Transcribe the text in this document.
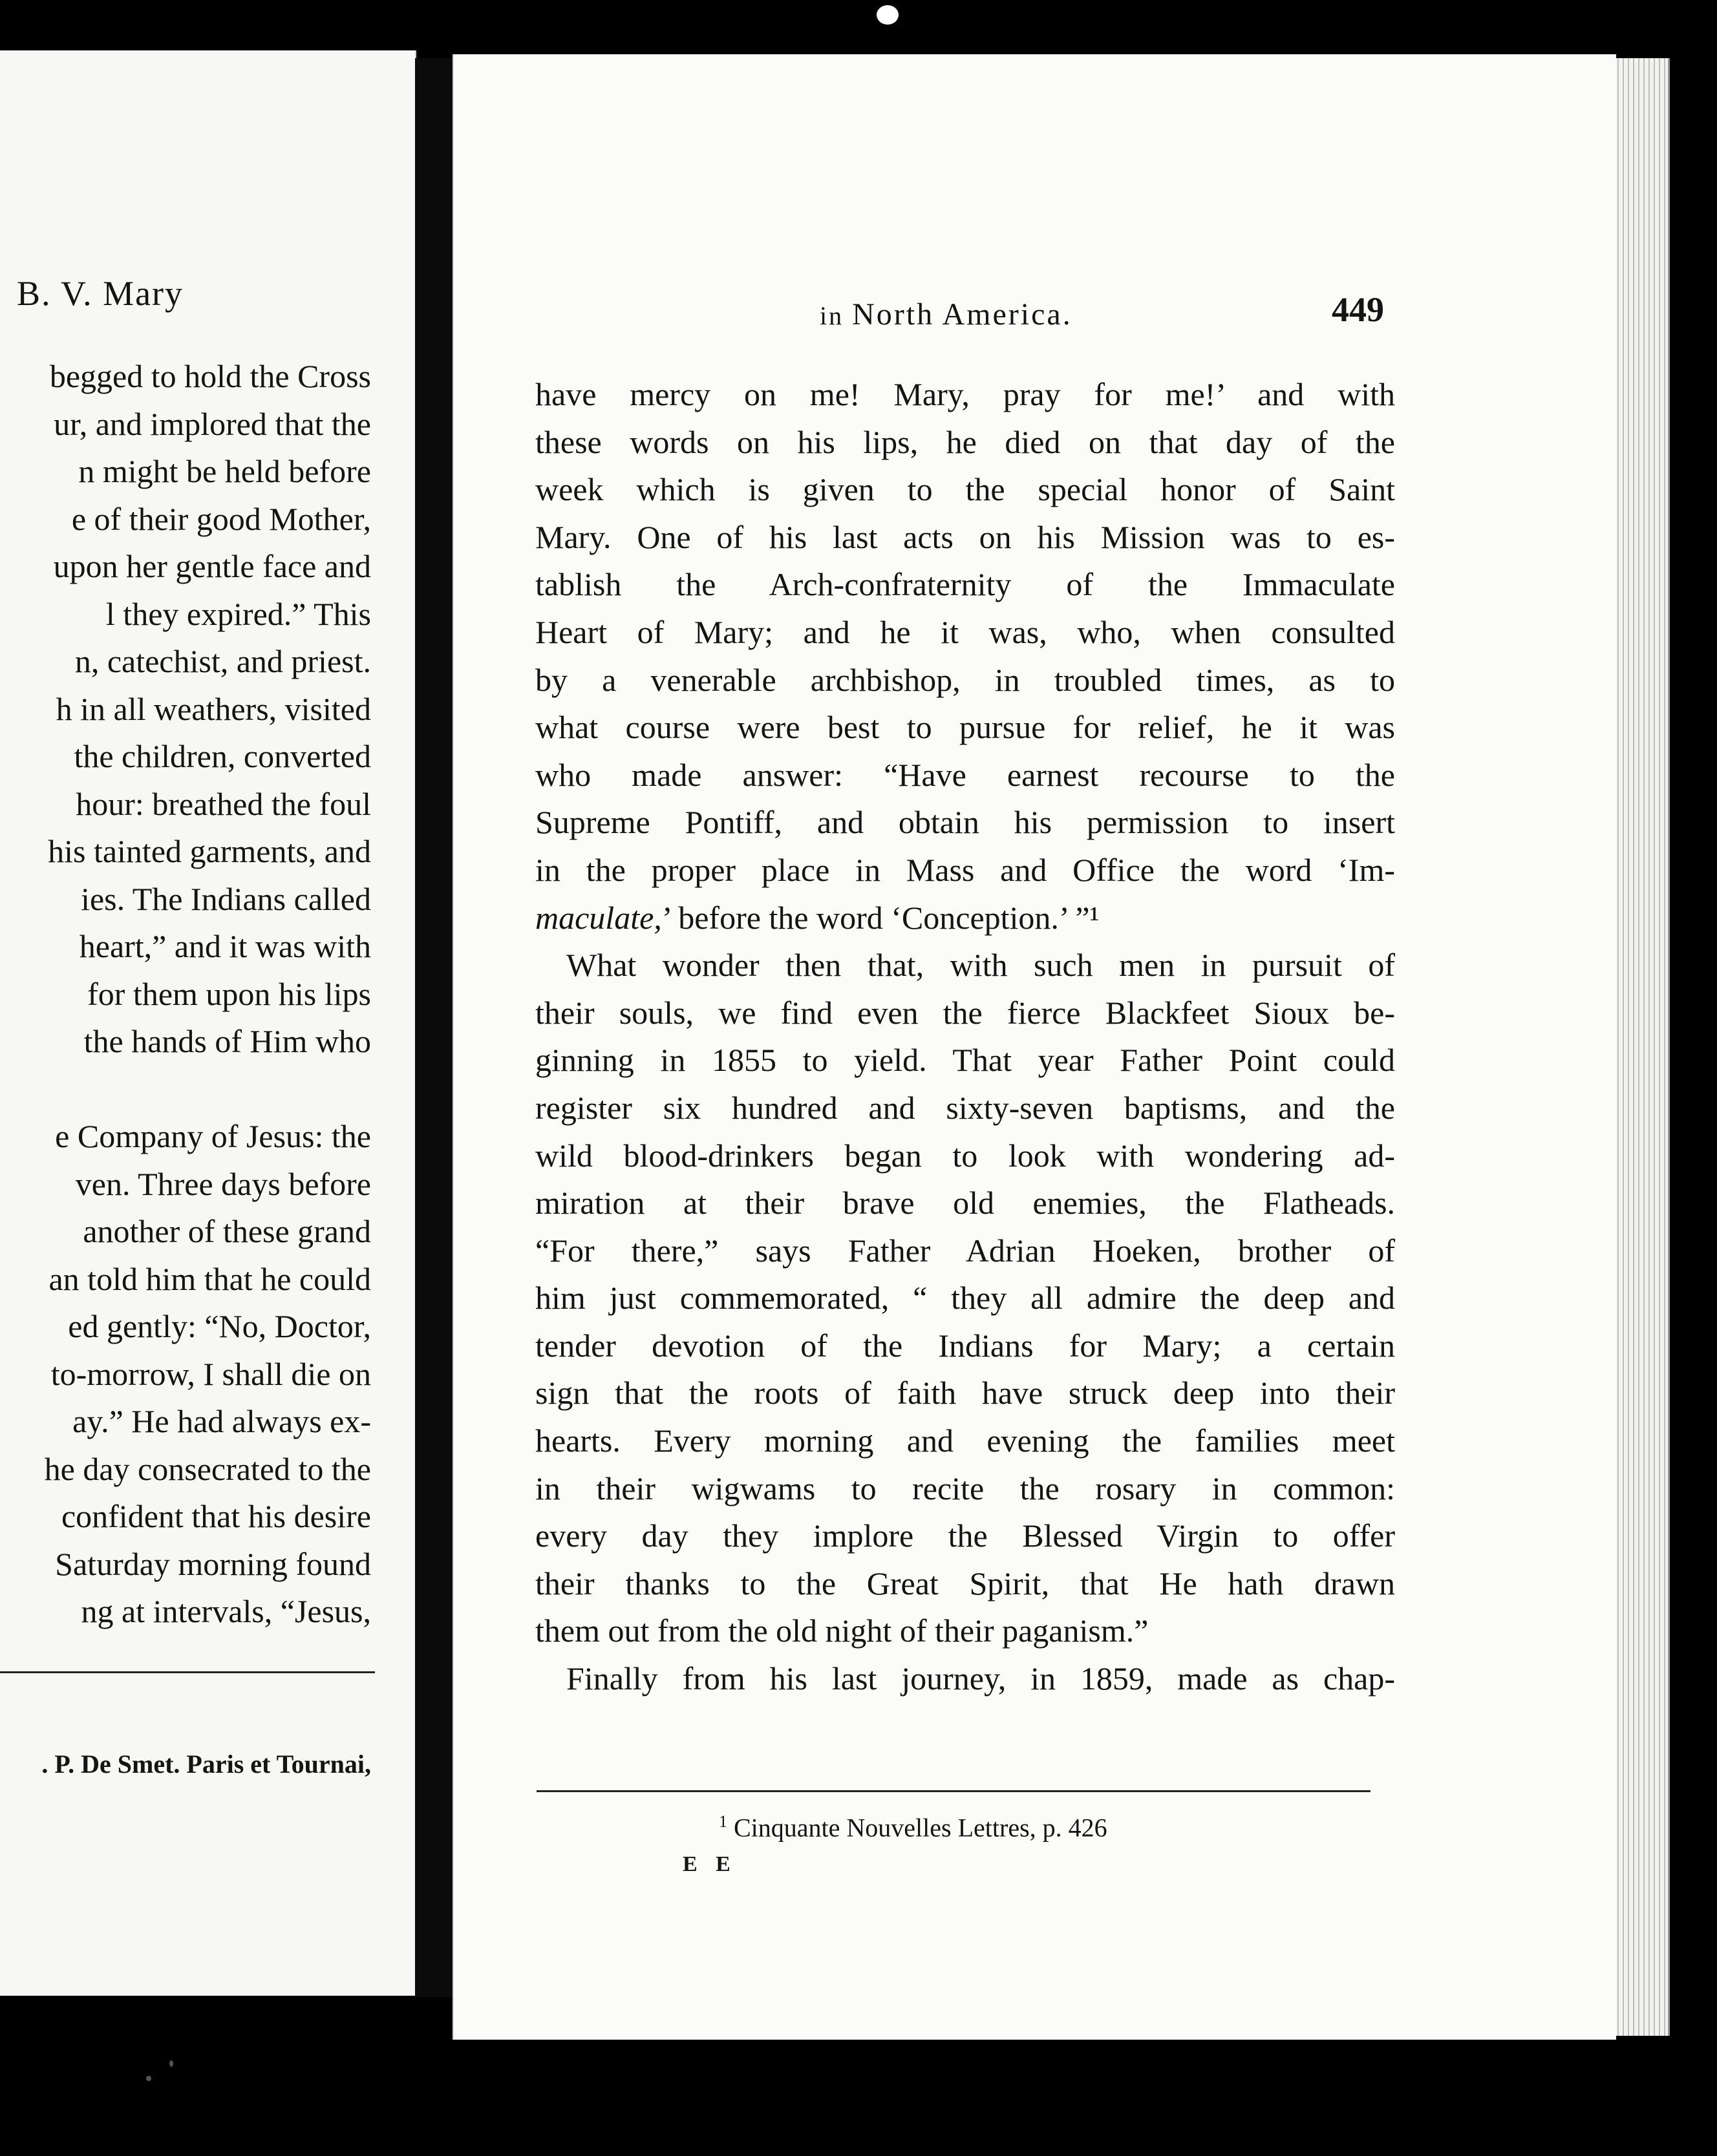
B. V. Mary
begged to hold the Cross
ur, and implored that the
n might be held before
e of their good Mother,
upon her gentle face and
l they expired.” This
n, catechist, and priest.
h in all weathers, visited
the children, converted
hour: breathed the foul
his tainted garments, and
ies. The Indians called
heart,” and it was with
for them upon his lips
the hands of Him who
e Company of Jesus: the
ven. Three days before
another of these grand
an told him that he could
ed gently: “No, Doctor,
to-morrow, I shall die on
ay.” He had always ex-
he day consecrated to the
confident that his desire
Saturday morning found
ng at intervals, “Jesus,
. P. De Smet. Paris et Tournai,
in North America.	449
have mercy on me! Mary, pray for me!’ and with
these words on his lips, he died on that day of the
week which is given to the special honor of Saint
Mary. One of his last acts on his Mission was to es-
tablish the Arch-confraternity of the Immaculate
Heart of Mary; and he it was, who, when consulted
by a venerable archbishop, in troubled times, as to
what course were best to pursue for relief, he it was
who made answer: “Have earnest recourse to the
Supreme Pontiff, and obtain his permission to insert
in the proper place in Mass and Office the word ‘Im-
maculate,’ before the word ‘Conception.’ ”¹
What wonder then that, with such men in pursuit of
their souls, we find even the fierce Blackfeet Sioux be-
ginning in 1855 to yield. That year Father Point could
register six hundred and sixty-seven baptisms, and the
wild blood-drinkers began to look with wondering ad-
miration at their brave old enemies, the Flatheads.
“For there,” says Father Adrian Hoeken, brother of
him just commemorated, “ they all admire the deep and
tender devotion of the Indians for Mary; a certain
sign that the roots of faith have struck deep into their
hearts. Every morning and evening the families meet
in their wigwams to recite the rosary in common:
every day they implore the Blessed Virgin to offer
their thanks to the Great Spirit, that He hath drawn
them out from the old night of their paganism.”
Finally from his last journey, in 1859, made as chap-
$^1$ Cinquante Nouvelles Lettres, p. 426
E E
